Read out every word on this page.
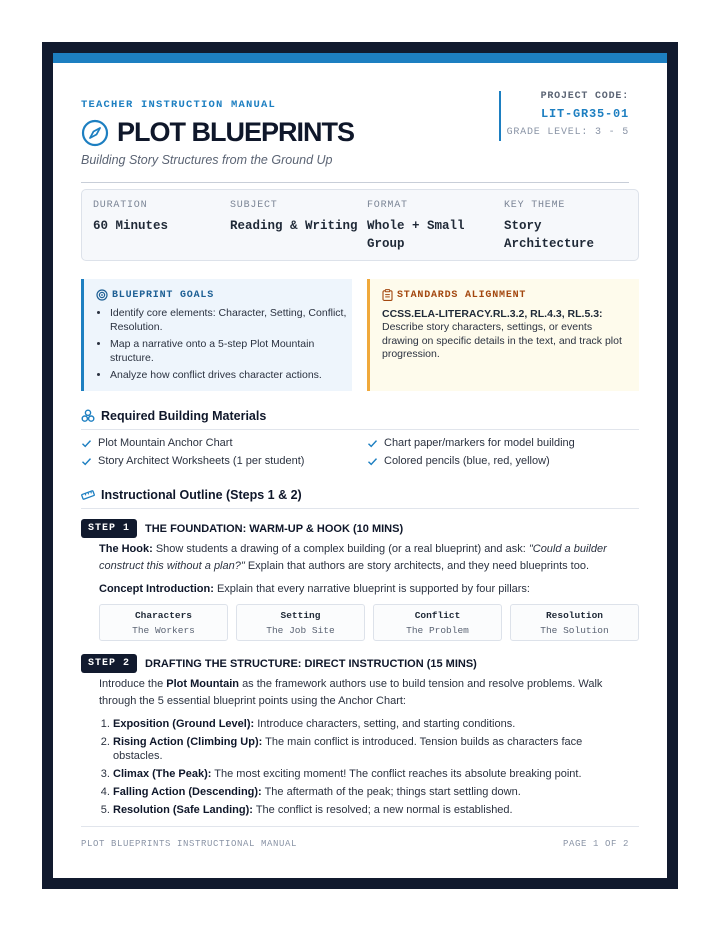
TEACHER INSTRUCTION MANUAL
PLOT BLUEPRINTS
Building Story Structures from the Ground Up
PROJECT CODE:
LIT-GR35-01
GRADE LEVEL: 3 - 5
DURATION
60 Minutes
SUBJECT
Reading & Writing
FORMAT
Whole + Small Group
KEY THEME
Story Architecture
BLUEPRINT GOALS
• Identify core elements: Character, Setting, Conflict, Resolution.
• Map a narrative onto a 5-step Plot Mountain structure.
• Analyze how conflict drives character actions.
STANDARDS ALIGNMENT
CCSS.ELA-LITERACY.RL.3.2, RL.4.3, RL.5.3:
Describe story characters, settings, or events drawing on specific details in the text, and track plot progression.
Required Building Materials
Plot Mountain Anchor Chart	Chart paper/markers for model building
Story Architect Worksheets (1 per student)	Colored pencils (blue, red, yellow)
Instructional Outline (Steps 1 & 2)
STEP 1	THE FOUNDATION: WARM-UP & HOOK (10 MINS)
The Hook: Show students a drawing of a complex building (or a real blueprint) and ask: "Could a builder construct this without a plan?" Explain that authors are story architects, and they need blueprints too.
Concept Introduction: Explain that every narrative blueprint is supported by four pillars:
Characters
The Workers
Setting
The Job Site
Conflict
The Problem
Resolution
The Solution
STEP 2	DRAFTING THE STRUCTURE: DIRECT INSTRUCTION (15 MINS)
Introduce the Plot Mountain as the framework authors use to build tension and resolve problems. Walk through the 5 essential blueprint points using the Anchor Chart:
1. Exposition (Ground Level): Introduce characters, setting, and starting conditions.
2. Rising Action (Climbing Up): The main conflict is introduced. Tension builds as characters face obstacles.
3. Climax (The Peak): The most exciting moment! The conflict reaches its absolute breaking point.
4. Falling Action (Descending): The aftermath of the peak; things start settling down.
5. Resolution (Safe Landing): The conflict is resolved; a new normal is established.
PLOT BLUEPRINTS INSTRUCTIONAL MANUAL	PAGE 1 OF 2
